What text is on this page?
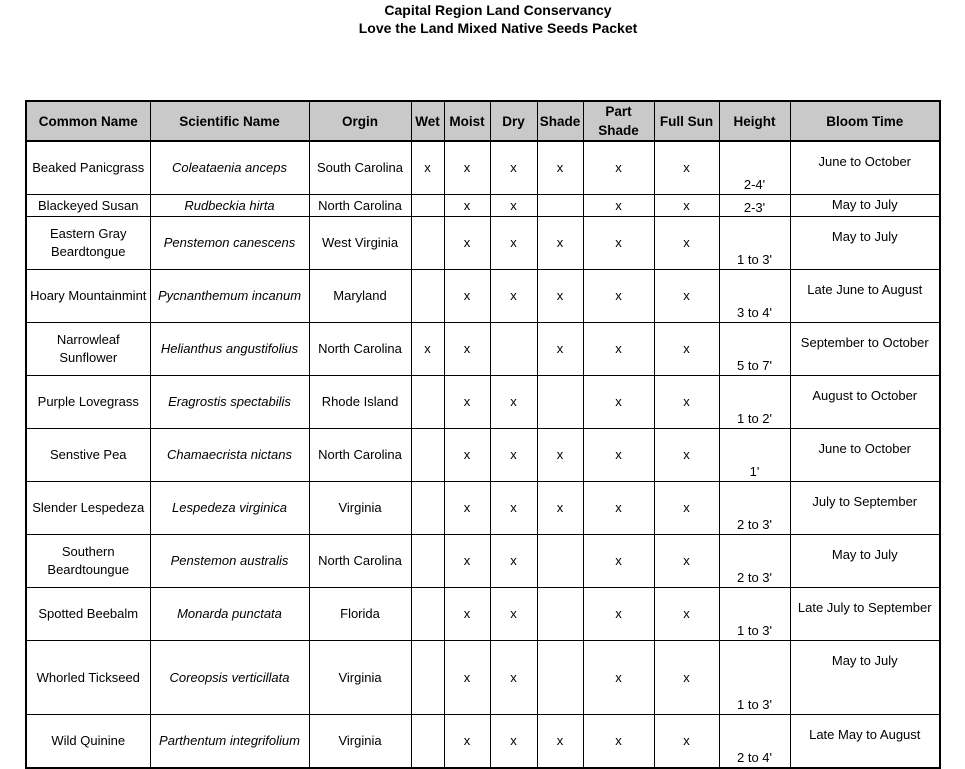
Capital Region Land Conservancy
Love the Land Mixed Native Seeds Packet
Common Name	Scientific Name	Orgin	Wet	Moist	Dry	Shade	Part Shade	Full Sun	Height	Bloom Time
Beaked Panicgrass	Coleataenia anceps	South Carolina	x	x	x	x	x	x	2-4'	June to October
Blackeyed Susan	Rudbeckia hirta	North Carolina		x	x		x	x	2-3'	May to July
Eastern Gray Beardtongue	Penstemon canescens	West Virginia		x	x	x	x	x	1 to 3'	May to July
Hoary Mountainmint	Pycnanthemum incanum	Maryland		x	x	x	x	x	3 to 4'	Late June to August
Narrowleaf Sunflower	Helianthus angustifolius	North Carolina	x	x		x	x	x	5 to 7'	September to October
Purple Lovegrass	Eragrostis spectabilis	Rhode Island		x	x		x	x	1 to 2'	August to October
Senstive Pea	Chamaecrista nictans	North Carolina		x	x	x	x	x	1'	June to October
Slender Lespedeza	Lespedeza virginica	Virginia		x	x	x	x	x	2 to 3'	July to September
Southern Beardtoungue	Penstemon australis	North Carolina		x	x		x	x	2 to 3'	May to July
Spotted Beebalm	Monarda punctata	Florida		x	x		x	x	1 to 3'	Late July to September
Whorled Tickseed	Coreopsis verticillata	Virginia		x	x		x	x	1 to 3'	May to July
Wild Quinine	Parthentum integrifolium	Virginia		x	x	x	x	x	2 to 4'	Late May to August
